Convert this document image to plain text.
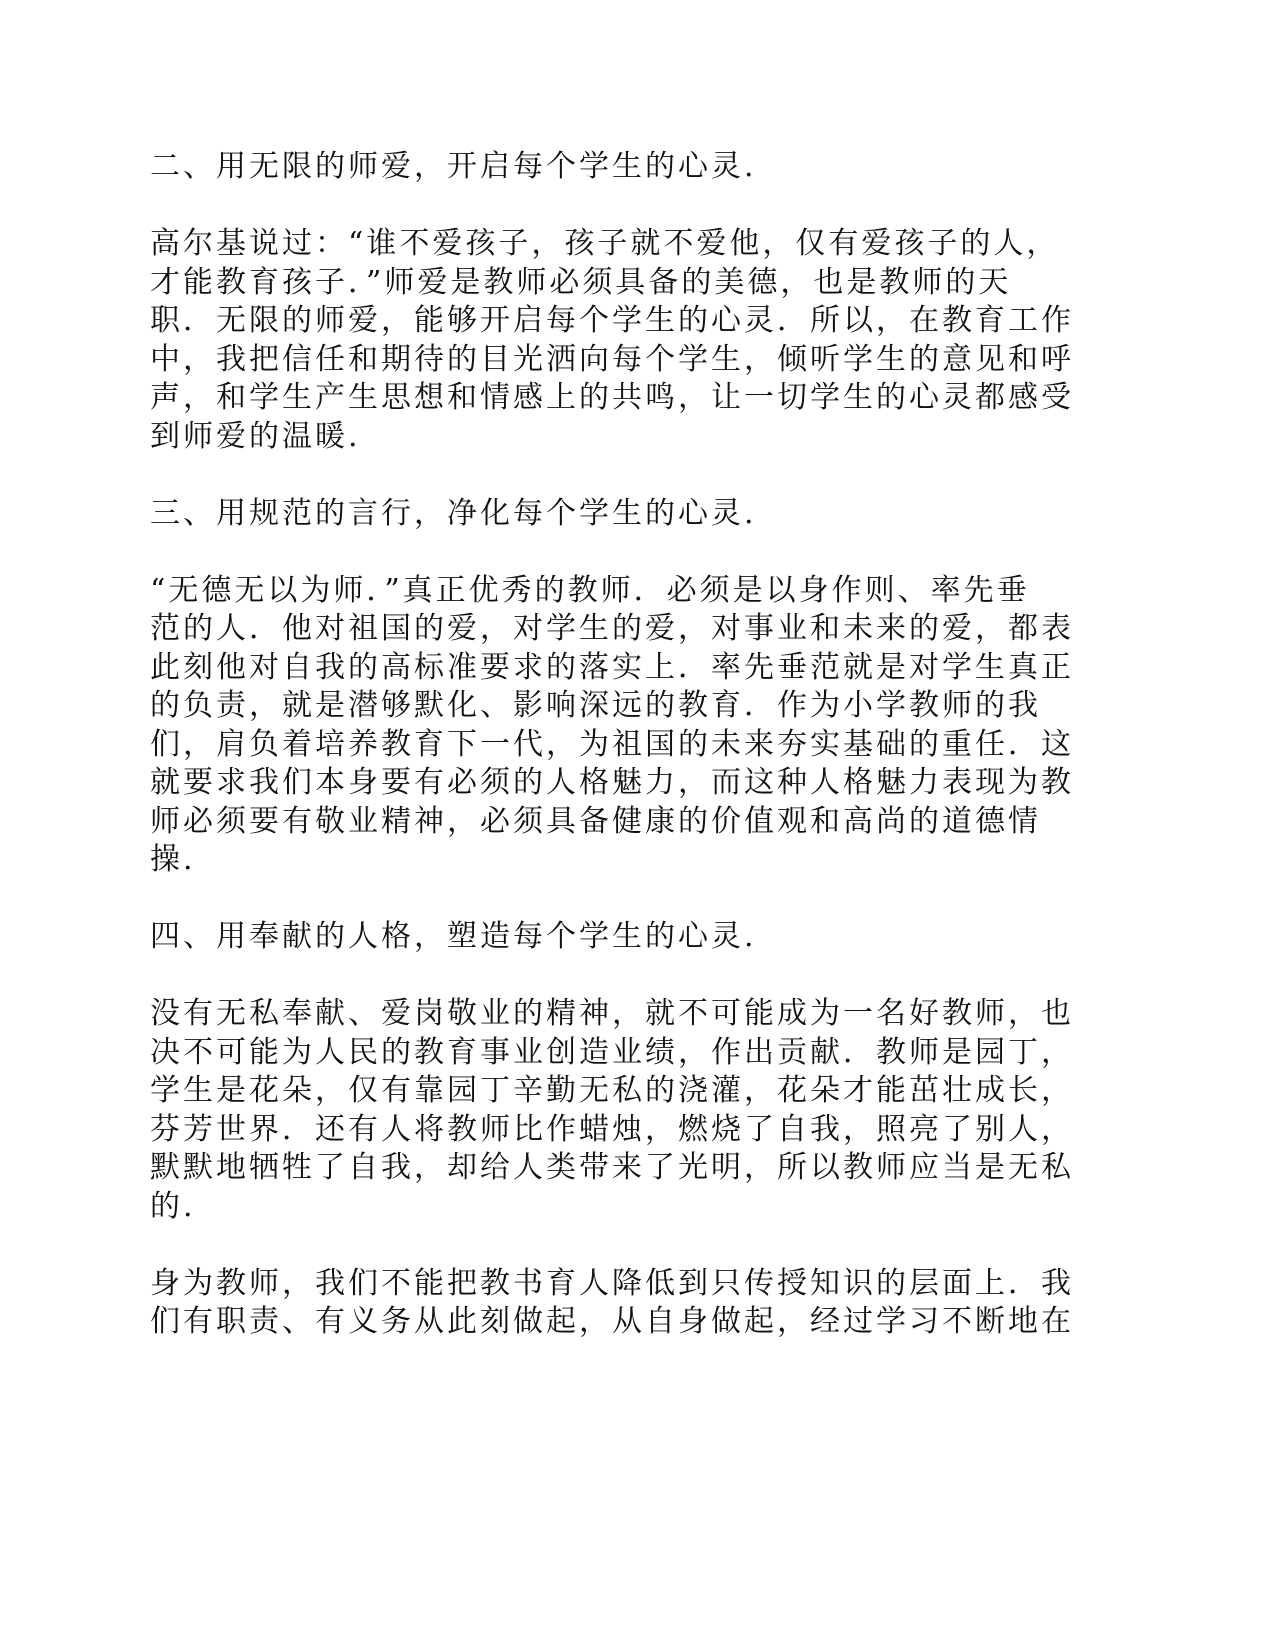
二、用无限的师爱，开启每个学生的心灵.
高尔基说过：“谁不爱孩子，孩子就不爱他，仅有爱孩子的人，
才能教育孩子．”师爱是教师必须具备的美德，也是教师的天
职．无限的师爱，能够开启每个学生的心灵．所以，在教育工作
中，我把信任和期待的目光洒向每个学生，倾听学生的意见和呼
声，和学生产生思想和情感上的共鸣，让一切学生的心灵都感受
到师爱的温暖.
三、用规范的言行，净化每个学生的心灵.
“无德无以为师．”真正优秀的教师．必须是以身作则、率先垂
范的人．他对祖国的爱，对学生的爱，对事业和未来的爱，都表
此刻他对自我的高标准要求的落实上．率先垂范就是对学生真正
的负责，就是潜够默化、影响深远的教育．作为小学教师的我
们，肩负着培养教育下一代，为祖国的未来夯实基础的重任．这
就要求我们本身要有必须的人格魅力，而这种人格魅力表现为教
师必须要有敬业精神，必须具备健康的价值观和高尚的道德情
操.
四、用奉献的人格，塑造每个学生的心灵.
没有无私奉献、爱岗敬业的精神，就不可能成为一名好教师，也
决不可能为人民的教育事业创造业绩，作出贡献．教师是园丁，
学生是花朵，仅有靠园丁辛勤无私的浇灌，花朵才能茁壮成长，
芬芳世界．还有人将教师比作蜡烛，燃烧了自我，照亮了别人，
默默地牺牲了自我，却给人类带来了光明，所以教师应当是无私
的.
身为教师，我们不能把教书育人降低到只传授知识的层面上．我
们有职责、有义务从此刻做起，从自身做起，经过学习不断地在
